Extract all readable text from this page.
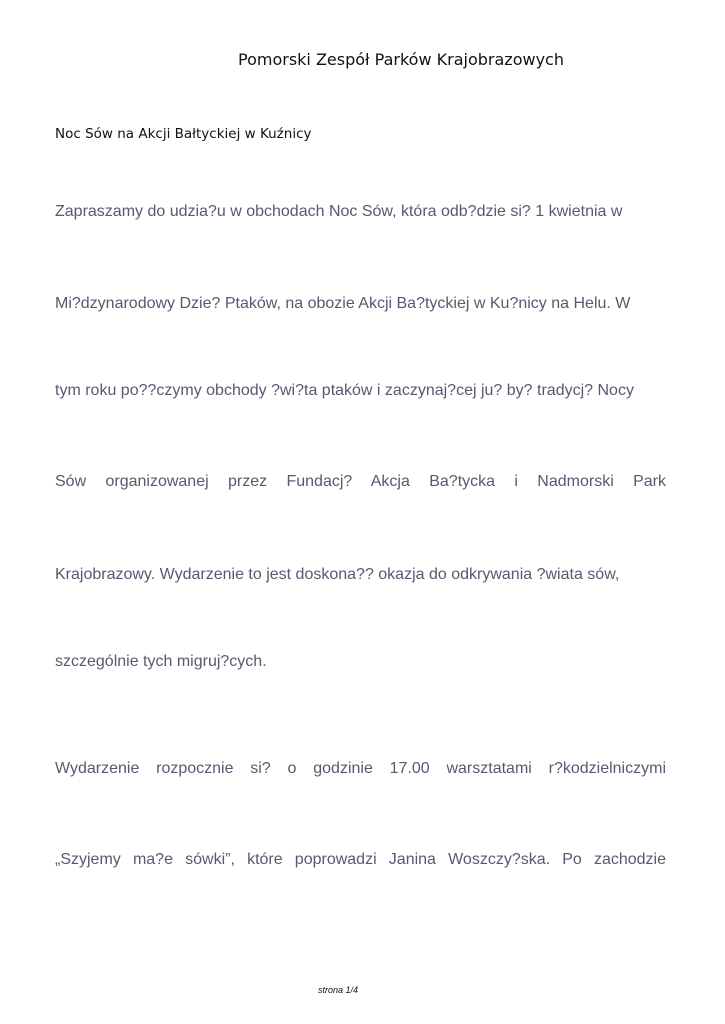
Pomorski Zespół Parków Krajobrazowych
Noc Sów na Akcji Bałtyckiej w Kuźnicy
Zapraszamy do udzia?u w obchodach Noc Sów, która odb?dzie si? 1 kwietnia w
Mi?dzynarodowy Dzie? Ptaków, na obozie Akcji Ba?tyckiej w Ku?nicy na Helu. W
tym roku po??czymy obchody ?wi?ta ptaków i zaczynaj?cej ju? by? tradycj? Nocy
Sów organizowanej przez Fundacj? Akcja Ba?tycka i Nadmorski Park
Krajobrazowy. Wydarzenie to jest doskona?? okazja do odkrywania ?wiata sów,
szczególnie tych migruj?cych.
Wydarzenie rozpocznie si? o godzinie 17.00 warsztatami r?kodzielniczymi
„Szyjemy ma?e sówki”, które poprowadzi Janina Woszczy?ska. Po zachodzie
strona 1/4
